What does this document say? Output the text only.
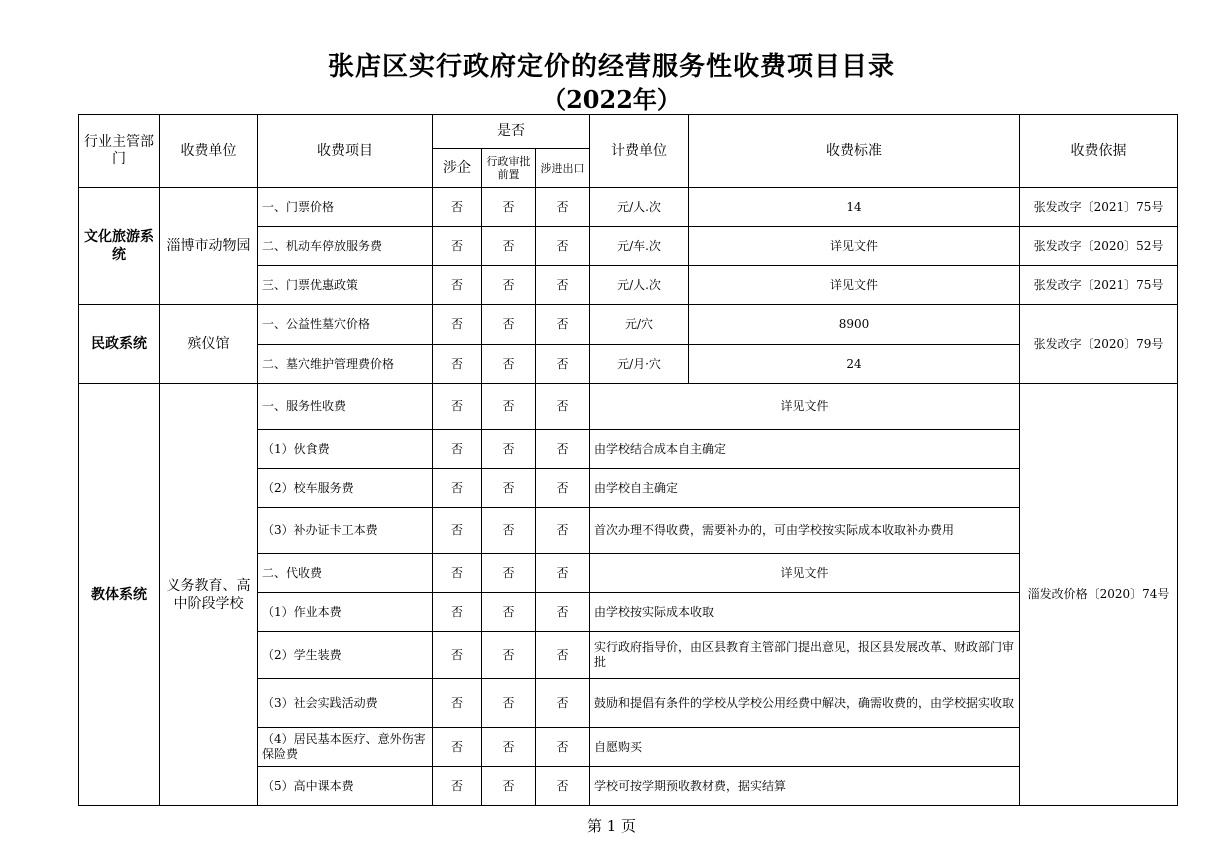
张店区实行政府定价的经营服务性收费项目目录
（2022年）
行业主管部门	收费单位	收费项目	是否			计费单位	收费标准	收费依据
			涉企	行政审批前置	涉进出口			
文化旅游系统	淄博市动物园	一、门票价格	否	否	否	元/人.次	14	张发改字〔2021〕75号
		二、机动车停放服务费	否	否	否	元/车.次	详见文件	张发改字〔2020〕52号
		三、门票优惠政策	否	否	否	元/人.次	详见文件	张发改字〔2021〕75号
民政系统	殡仪馆	一、公益性墓穴价格	否	否	否	元/穴	8900	张发改字〔2020〕79号
		二、墓穴维护管理费价格	否	否	否	元/月·穴	24	
教体系统	义务教育、高中阶段学校	一、服务性收费	否	否	否	详见文件		淄发改价格〔2020〕74号
		（1）伙食费	否	否	否	由学校结合成本自主确定		
		（2）校车服务费	否	否	否	由学校自主确定		
		（3）补办证卡工本费	否	否	否	首次办理不得收费，需要补办的，可由学校按实际成本收取补办费用		
		二、代收费	否	否	否	详见文件		
		（1）作业本费	否	否	否	由学校按实际成本收取		
		（2）学生装费	否	否	否	实行政府指导价，由区县教育主管部门提出意见，报区县发展改革、财政部门审批		
		（3）社会实践活动费	否	否	否	鼓励和提倡有条件的学校从学校公用经费中解决，确需收费的，由学校据实收取		
		（4）居民基本医疗、意外伤害保险费	否	否	否	自愿购买		
		（5）高中课本费	否	否	否	学校可按学期预收教材费，据实结算		
第 1 页
